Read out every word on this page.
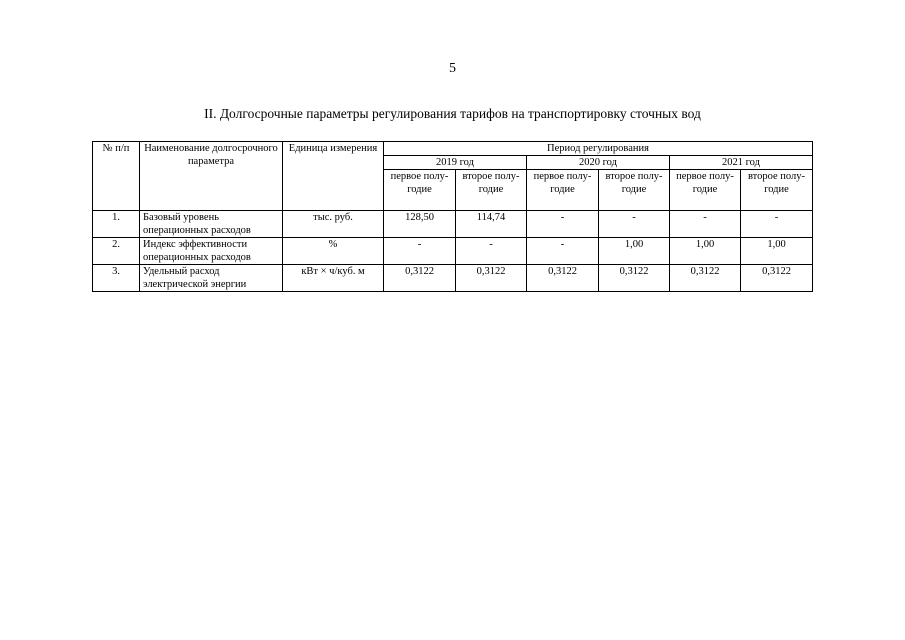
5
II. Долгосрочные параметры регулирования тарифов на транспортировку сточных вод
№ п/п	Наименование долгосрочного параметра	Единица измерения	Период регулирования					
			2019 год		2020 год		2021 год	
			первое полу-годие	второе полу-годие	первое полу-годие	второе полу-годие	первое полу-годие	второе полу-годие
1.	Базовый уровень операционных расходов	тыс. руб.	128,50	114,74	-	-	-	-
2.	Индекс эффективности операционных расходов	%	-	-	-	1,00	1,00	1,00
3.	Удельный расход электрической энергии	кВт × ч/куб. м	0,3122	0,3122	0,3122	0,3122	0,3122	0,3122
